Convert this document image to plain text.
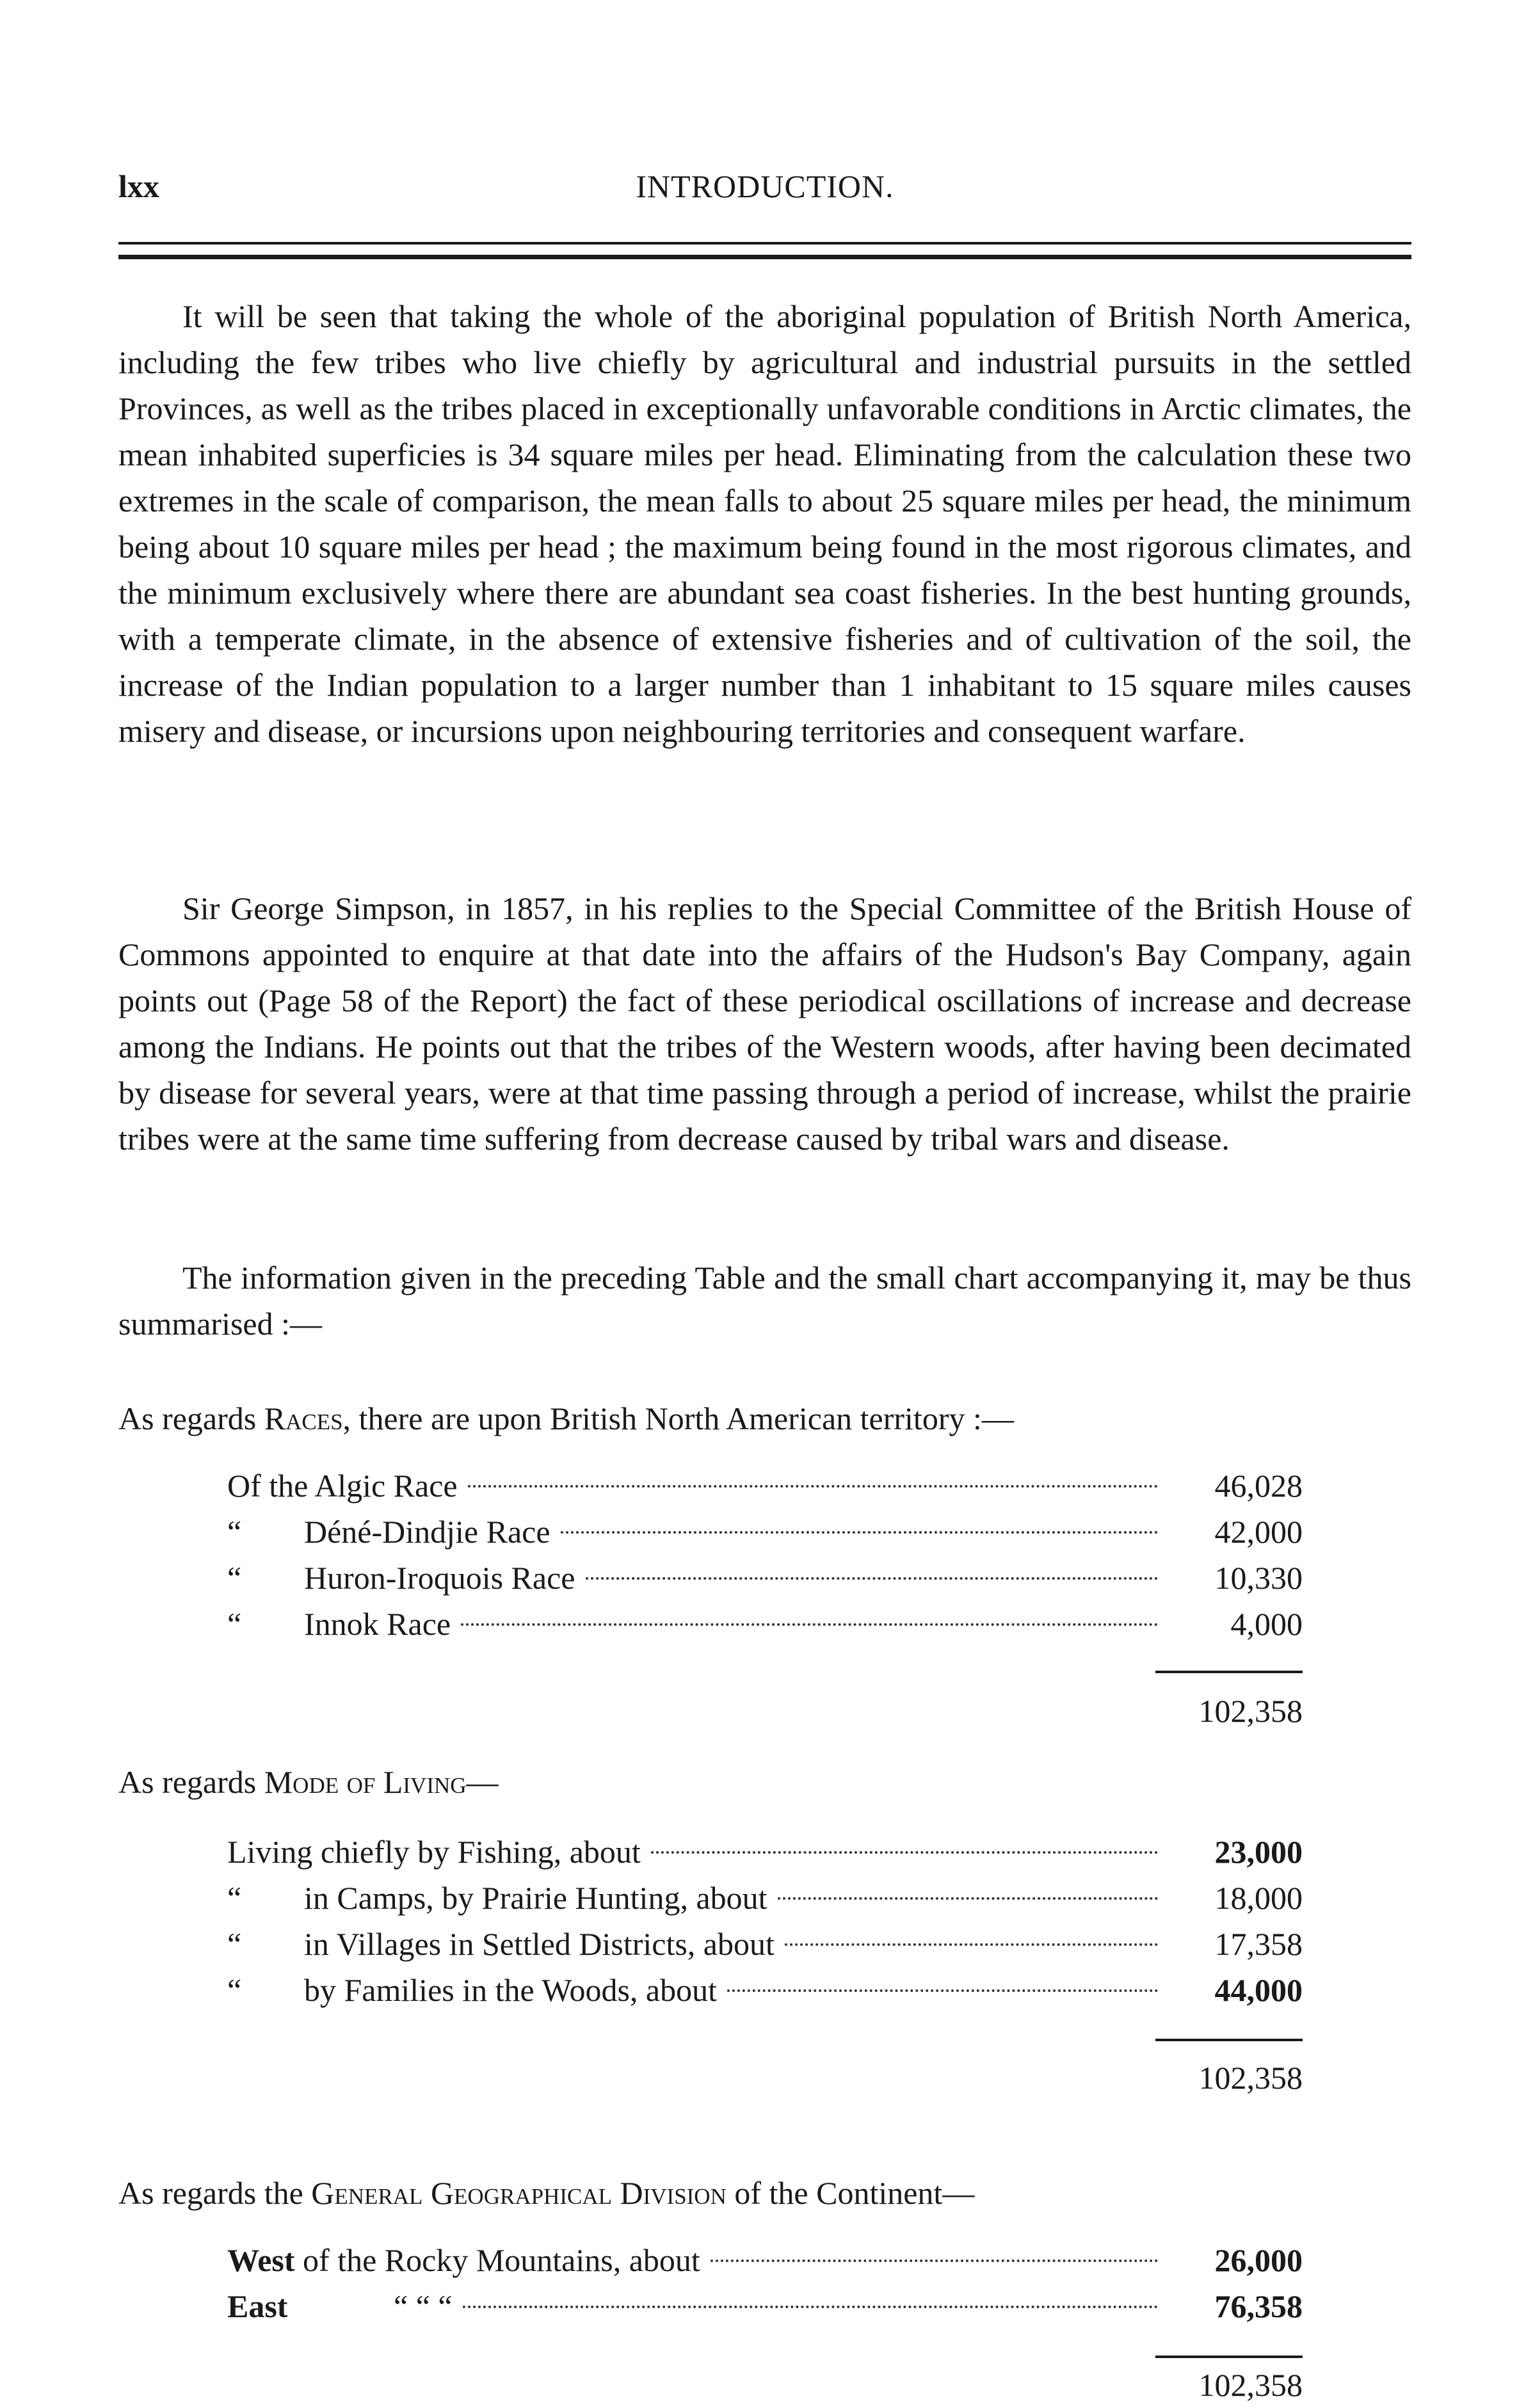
lxx	INTRODUCTION.

It will be seen that taking the whole of the aboriginal population of British North America, including the few tribes who live chiefly by agricultural and industrial pursuits in the settled Provinces, as well as the tribes placed in exceptionally unfavorable conditions in Arctic climates, the mean inhabited superficies is 34 square miles per head. Eliminating from the calculation these two extremes in the scale of comparison, the mean falls to about 25 square miles per head, the minimum being about 10 square miles per head ; the maximum being found in the most rigorous climates, and the minimum exclusively where there are abundant sea coast fisheries. In the best hunting grounds, with a temperate climate, in the absence of extensive fisheries and of cultivation of the soil, the increase of the Indian population to a larger number than 1 inhabitant to 15 square miles causes misery and disease, or incursions upon neighbouring territories and consequent warfare.

Sir George Simpson, in 1857, in his replies to the Special Committee of the British House of Commons appointed to enquire at that date into the affairs of the Hudson's Bay Company, again points out (Page 58 of the Report) the fact of these periodical oscillations of increase and decrease among the Indians. He points out that the tribes of the Western woods, after having been decimated by disease for several years, were at that time passing through a period of increase, whilst the prairie tribes were at the same time suffering from decrease caused by tribal wars and disease.

The information given in the preceding Table and the small chart accompanying it, may be thus summarised :—

As regards Races, there are upon British North American territory :—

Of the Algic Race	46,028
“ Déné-Dindjie Race	42,000
“ Huron-Iroquois Race	10,330
“ Innok Race	4,000
102,358

As regards Mode of Living—

Living chiefly by Fishing, about	23,000
“ in Camps, by Prairie Hunting, about	18,000
“ in Villages in Settled Districts, about	17,358
“ by Families in the Woods, about	44,000
102,358

As regards the General Geographical Division of the Continent—

West of the Rocky Mountains, about	26,000
East	“ “ “	76,358
102,358
